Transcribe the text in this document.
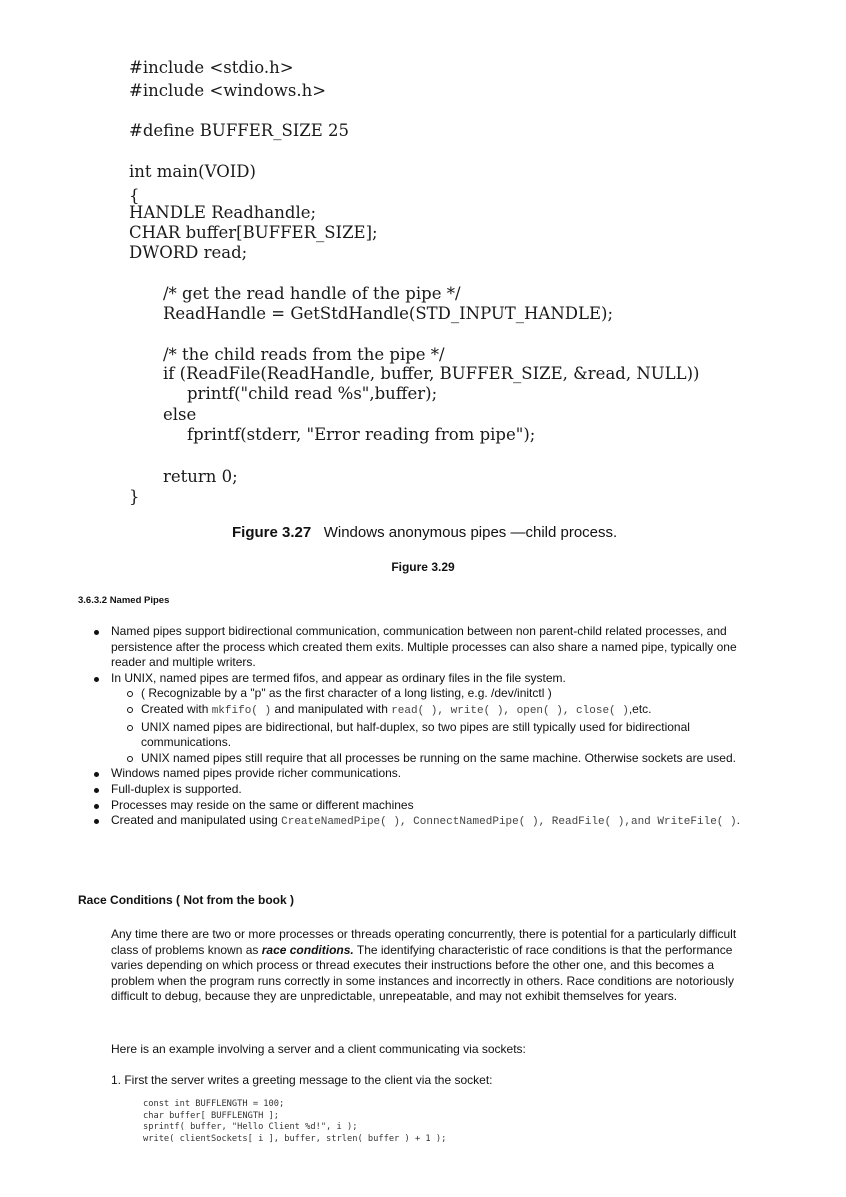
#include <stdio.h>
#include <windows.h>
#define BUFFER_SIZE 25
int main(VOID)
{
HANDLE Readhandle;
CHAR buffer[BUFFER_SIZE];
DWORD read;
/* get the read handle of the pipe */
ReadHandle = GetStdHandle(STD_INPUT_HANDLE);
/* the child reads from the pipe */
if (ReadFile(ReadHandle, buffer, BUFFER_SIZE, &read, NULL))
printf("child read %s",buffer);
else
fprintf(stderr, "Error reading from pipe");
return 0;
}
Figure 3.27 Windows anonymous pipes —child process.
Figure 3.29
3.6.3.2 Named Pipes
Named pipes support bidirectional communication, communication between non parent-child related processes, and persistence after the process which created them exits. Multiple processes can also share a named pipe, typically one reader and multiple writers.
In UNIX, named pipes are termed fifos, and appear as ordinary files in the file system.
( Recognizable by a "p" as the first character of a long listing, e.g. /dev/initctl )
Created with mkfifo( ) and manipulated with read( ), write( ), open( ), close( ),etc.
UNIX named pipes are bidirectional, but half-duplex, so two pipes are still typically used for bidirectional communications.
UNIX named pipes still require that all processes be running on the same machine. Otherwise sockets are used.
Windows named pipes provide richer communications.
Full-duplex is supported.
Processes may reside on the same or different machines
Created and manipulated using CreateNamedPipe( ), ConnectNamedPipe( ), ReadFile( ),and WriteFile( ).
Race Conditions ( Not from the book )
Any time there are two or more processes or threads operating concurrently, there is potential for a particularly difficult class of problems known as race conditions. The identifying characteristic of race conditions is that the performance varies depending on which process or thread executes their instructions before the other one, and this becomes a problem when the program runs correctly in some instances and incorrectly in others. Race conditions are notoriously difficult to debug, because they are unpredictable, unrepeatable, and may not exhibit themselves for years.
Here is an example involving a server and a client communicating via sockets:
1. First the server writes a greeting message to the client via the socket:
const int BUFFLENGTH = 100;
char buffer[ BUFFLENGTH ];
sprintf( buffer, "Hello Client %d!", i );
write( clientSockets[ i ], buffer, strlen( buffer ) + 1 );
